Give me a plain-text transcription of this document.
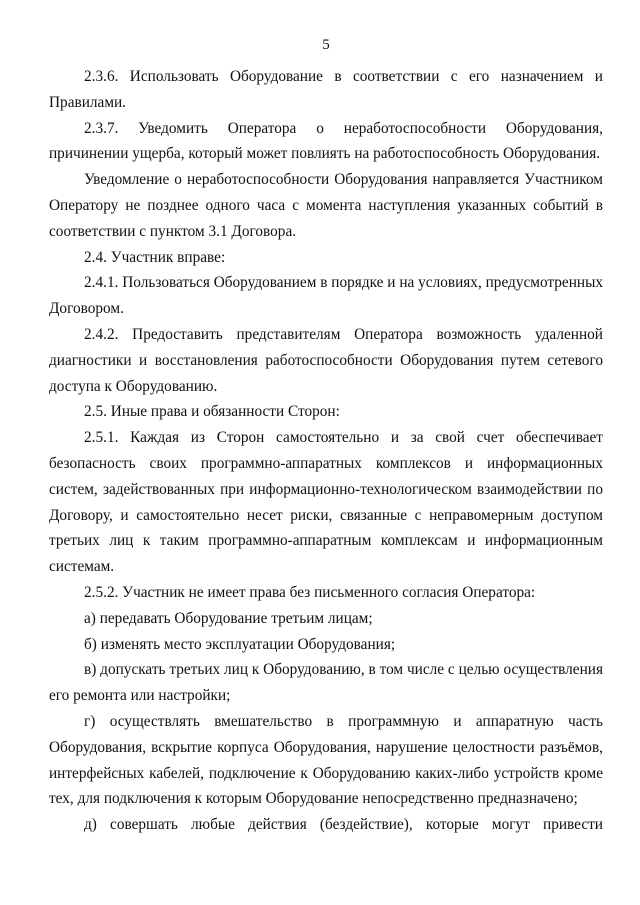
5

2.3.6. Использовать Оборудование в соответствии с его назначением и Правилами.

2.3.7. Уведомить Оператора о неработоспособности Оборудования, причинении ущерба, который может повлиять на работоспособность Оборудования.

Уведомление о неработоспособности Оборудования направляется Участником Оператору не позднее одного часа с момента наступления указанных событий в соответствии с пунктом 3.1 Договора.

2.4. Участник вправе:

2.4.1. Пользоваться Оборудованием в порядке и на условиях, предусмотренных Договором.

2.4.2. Предоставить представителям Оператора возможность удаленной диагностики и восстановления работоспособности Оборудования путем сетевого доступа к Оборудованию.

2.5. Иные права и обязанности Сторон:

2.5.1. Каждая из Сторон самостоятельно и за свой счет обеспечивает безопасность своих программно-аппаратных комплексов и информационных систем, задействованных при информационно-технологическом взаимодействии по Договору, и самостоятельно несет риски, связанные с неправомерным доступом третьих лиц к таким программно-аппаратным комплексам и информационным системам.

2.5.2. Участник не имеет права без письменного согласия Оператора:

а) передавать Оборудование третьим лицам;

б) изменять место эксплуатации Оборудования;

в) допускать третьих лиц к Оборудованию, в том числе с целью осуществления его ремонта или настройки;

г) осуществлять вмешательство в программную и аппаратную часть Оборудования, вскрытие корпуса Оборудования, нарушение целостности разъёмов, интерфейсных кабелей, подключение к Оборудованию каких-либо устройств кроме тех, для подключения к которым Оборудование непосредственно предназначено;

д) совершать любые действия (бездействие), которые могут привести
